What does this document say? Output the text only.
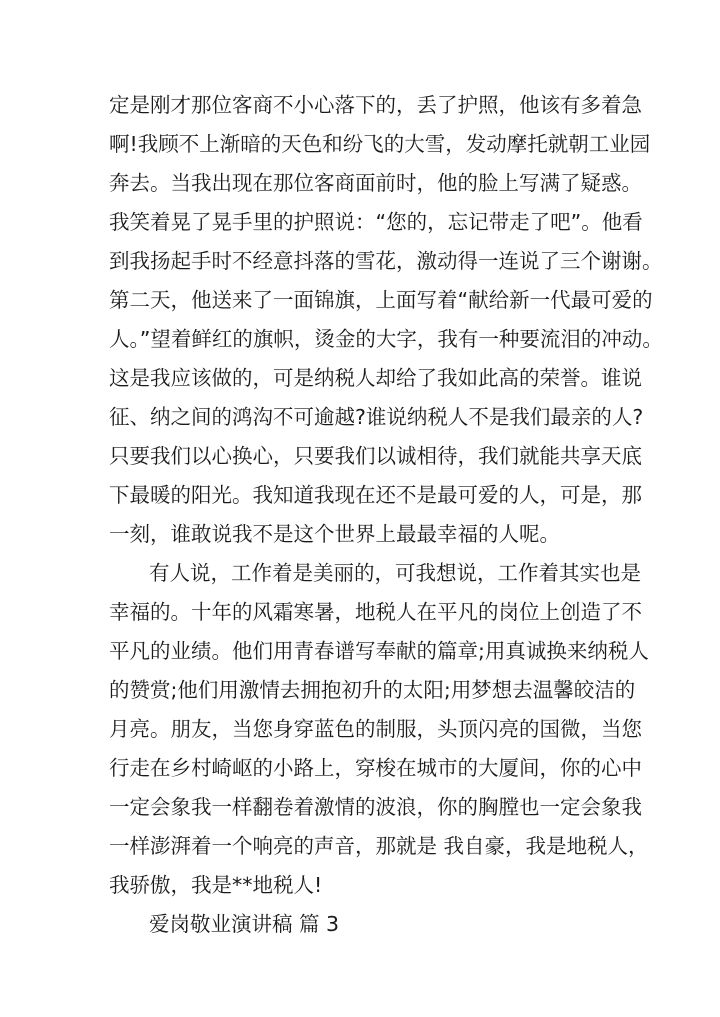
定是刚才那位客商不小心落下的，丢了护照，他该有多着急
啊!我顾不上渐暗的天色和纷飞的大雪，发动摩托就朝工业园
奔去。当我出现在那位客商面前时，他的脸上写满了疑惑。
我笑着晃了晃手里的护照说：“您的，忘记带走了吧”。他看
到我扬起手时不经意抖落的雪花，激动得一连说了三个谢谢。
第二天，他送来了一面锦旗，上面写着“献给新一代最可爱的
人。”望着鲜红的旗帜，烫金的大字，我有一种要流泪的冲动。
这是我应该做的，可是纳税人却给了我如此高的荣誉。谁说
征、纳之间的鸿沟不可逾越?谁说纳税人不是我们最亲的人?
只要我们以心换心，只要我们以诚相待，我们就能共享天底
下最暖的阳光。我知道我现在还不是最可爱的人，可是，那
一刻，谁敢说我不是这个世界上最最幸福的人呢。
有人说，工作着是美丽的，可我想说，工作着其实也是
幸福的。十年的风霜寒暑，地税人在平凡的岗位上创造了不
平凡的业绩。他们用青春谱写奉献的篇章;用真诚换来纳税人
的赞赏;他们用激情去拥抱初升的太阳;用梦想去温馨皎洁的
月亮。朋友，当您身穿蓝色的制服，头顶闪亮的国微，当您
行走在乡村崎岖的小路上，穿梭在城市的大厦间，你的心中
一定会象我一样翻卷着激情的波浪，你的胸膛也一定会象我
一样澎湃着一个响亮的声音，那就是 我自豪，我是地税人，
我骄傲，我是**地税人!
爱岗敬业演讲稿 篇 3
